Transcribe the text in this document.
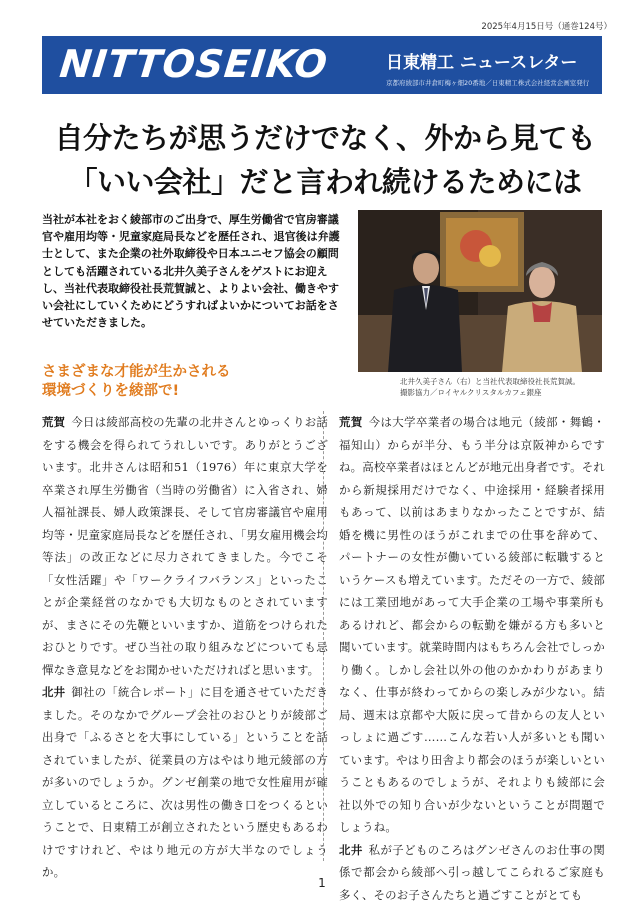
2025年4月15日号（通巻124号）
NITTOSEIKO	日東精工 ニュースレター
京都府綾部市井倉町梅ヶ畑20番地／日東精工株式会社経営企画室発行
自分たちが思うだけでなく、外から見ても
「いい会社」だと言われ続けるためには
当社が本社をおく綾部市のご出身で、厚生労働省で官房審議官や雇用均等・児童家庭局長などを歴任され、退官後は弁護士として、また企業の社外取締役や日本ユニセフ協会の顧問としても活躍されている北井久美子さんをゲストにお迎えし、当社代表取締役社長荒賀誠と、よりよい会社、働きやすい会社にしていくためにどうすればよいかについてお話をさせていただきました。
北井久美子さん（右）と当社代表取締役社長荒賀誠。
撮影協力／ロイヤルクリスタルカフェ銀座
さまざまな才能が生かされる
環境づくりを綾部で!

荒賀 今日は綾部高校の先輩の北井さんとゆっくりお話をする機会を得られてうれしいです。ありがとうございます。北井さんは昭和51（1976）年に東京大学を卒業され厚生労働省（当時の労働省）に入省され、婦人福祉課長、婦人政策課長、そして官房審議官や雇用均等・児童家庭局長などを歴任され、「男女雇用機会均等法」の改正などに尽力されてきました。今でこそ「女性活躍」や「ワークライフバランス」といったことが企業経営のなかでも大切なものとされていますが、まさにその先鞭といいますか、道筋をつけられたおひとりです。ぜひ当社の取り組みなどについても忌憚なき意見などをお聞かせいただければと思います。

北井 御社の「統合レポート」に目を通させていただきました。そのなかでグループ会社のおひとりが綾部ご出身で「ふるさとを大事にしている」ということを話されていましたが、従業員の方はやはり地元綾部の方が多いのでしょうか。グンゼ創業の地で女性雇用が確立しているところに、次は男性の働き口をつくるということで、日東精工が創立されたという歴史もあるわけですけれど、やはり地元の方が大半なのでしょうか。

荒賀 今は大学卒業者の場合は地元（綾部・舞鶴・福知山）からが半分、もう半分は京阪神からですね。高校卒業者はほとんどが地元出身者です。それから新規採用だけでなく、中途採用・経験者採用もあって、以前はあまりなかったことですが、結婚を機に男性のほうがこれまでの仕事を辞めて、パートナーの女性が働いている綾部に転職するというケースも増えています。ただその一方で、綾部には工業団地があって大手企業の工場や事業所もあるけれど、都会からの転勤を嫌がる方も多いと聞いています。就業時間内はもちろん会社でしっかり働く。しかし会社以外の他のかかわりがあまりなく、仕事が終わってからの楽しみが少ない。結局、週末は京都や大阪に戻って昔からの友人といっしょに過ごす……こんな若い人が多いとも聞いています。やはり田舎より都会のほうが楽しいということもあるのでしょうが、それよりも綾部に会社以外での知り合いが少ないということが問題でしょうね。

北井 私が子どものころはグンゼさんのお仕事の関係で都会から綾部へ引っ越してこられるご家庭も多く、そのお子さんたちと過ごすことがとても

1
